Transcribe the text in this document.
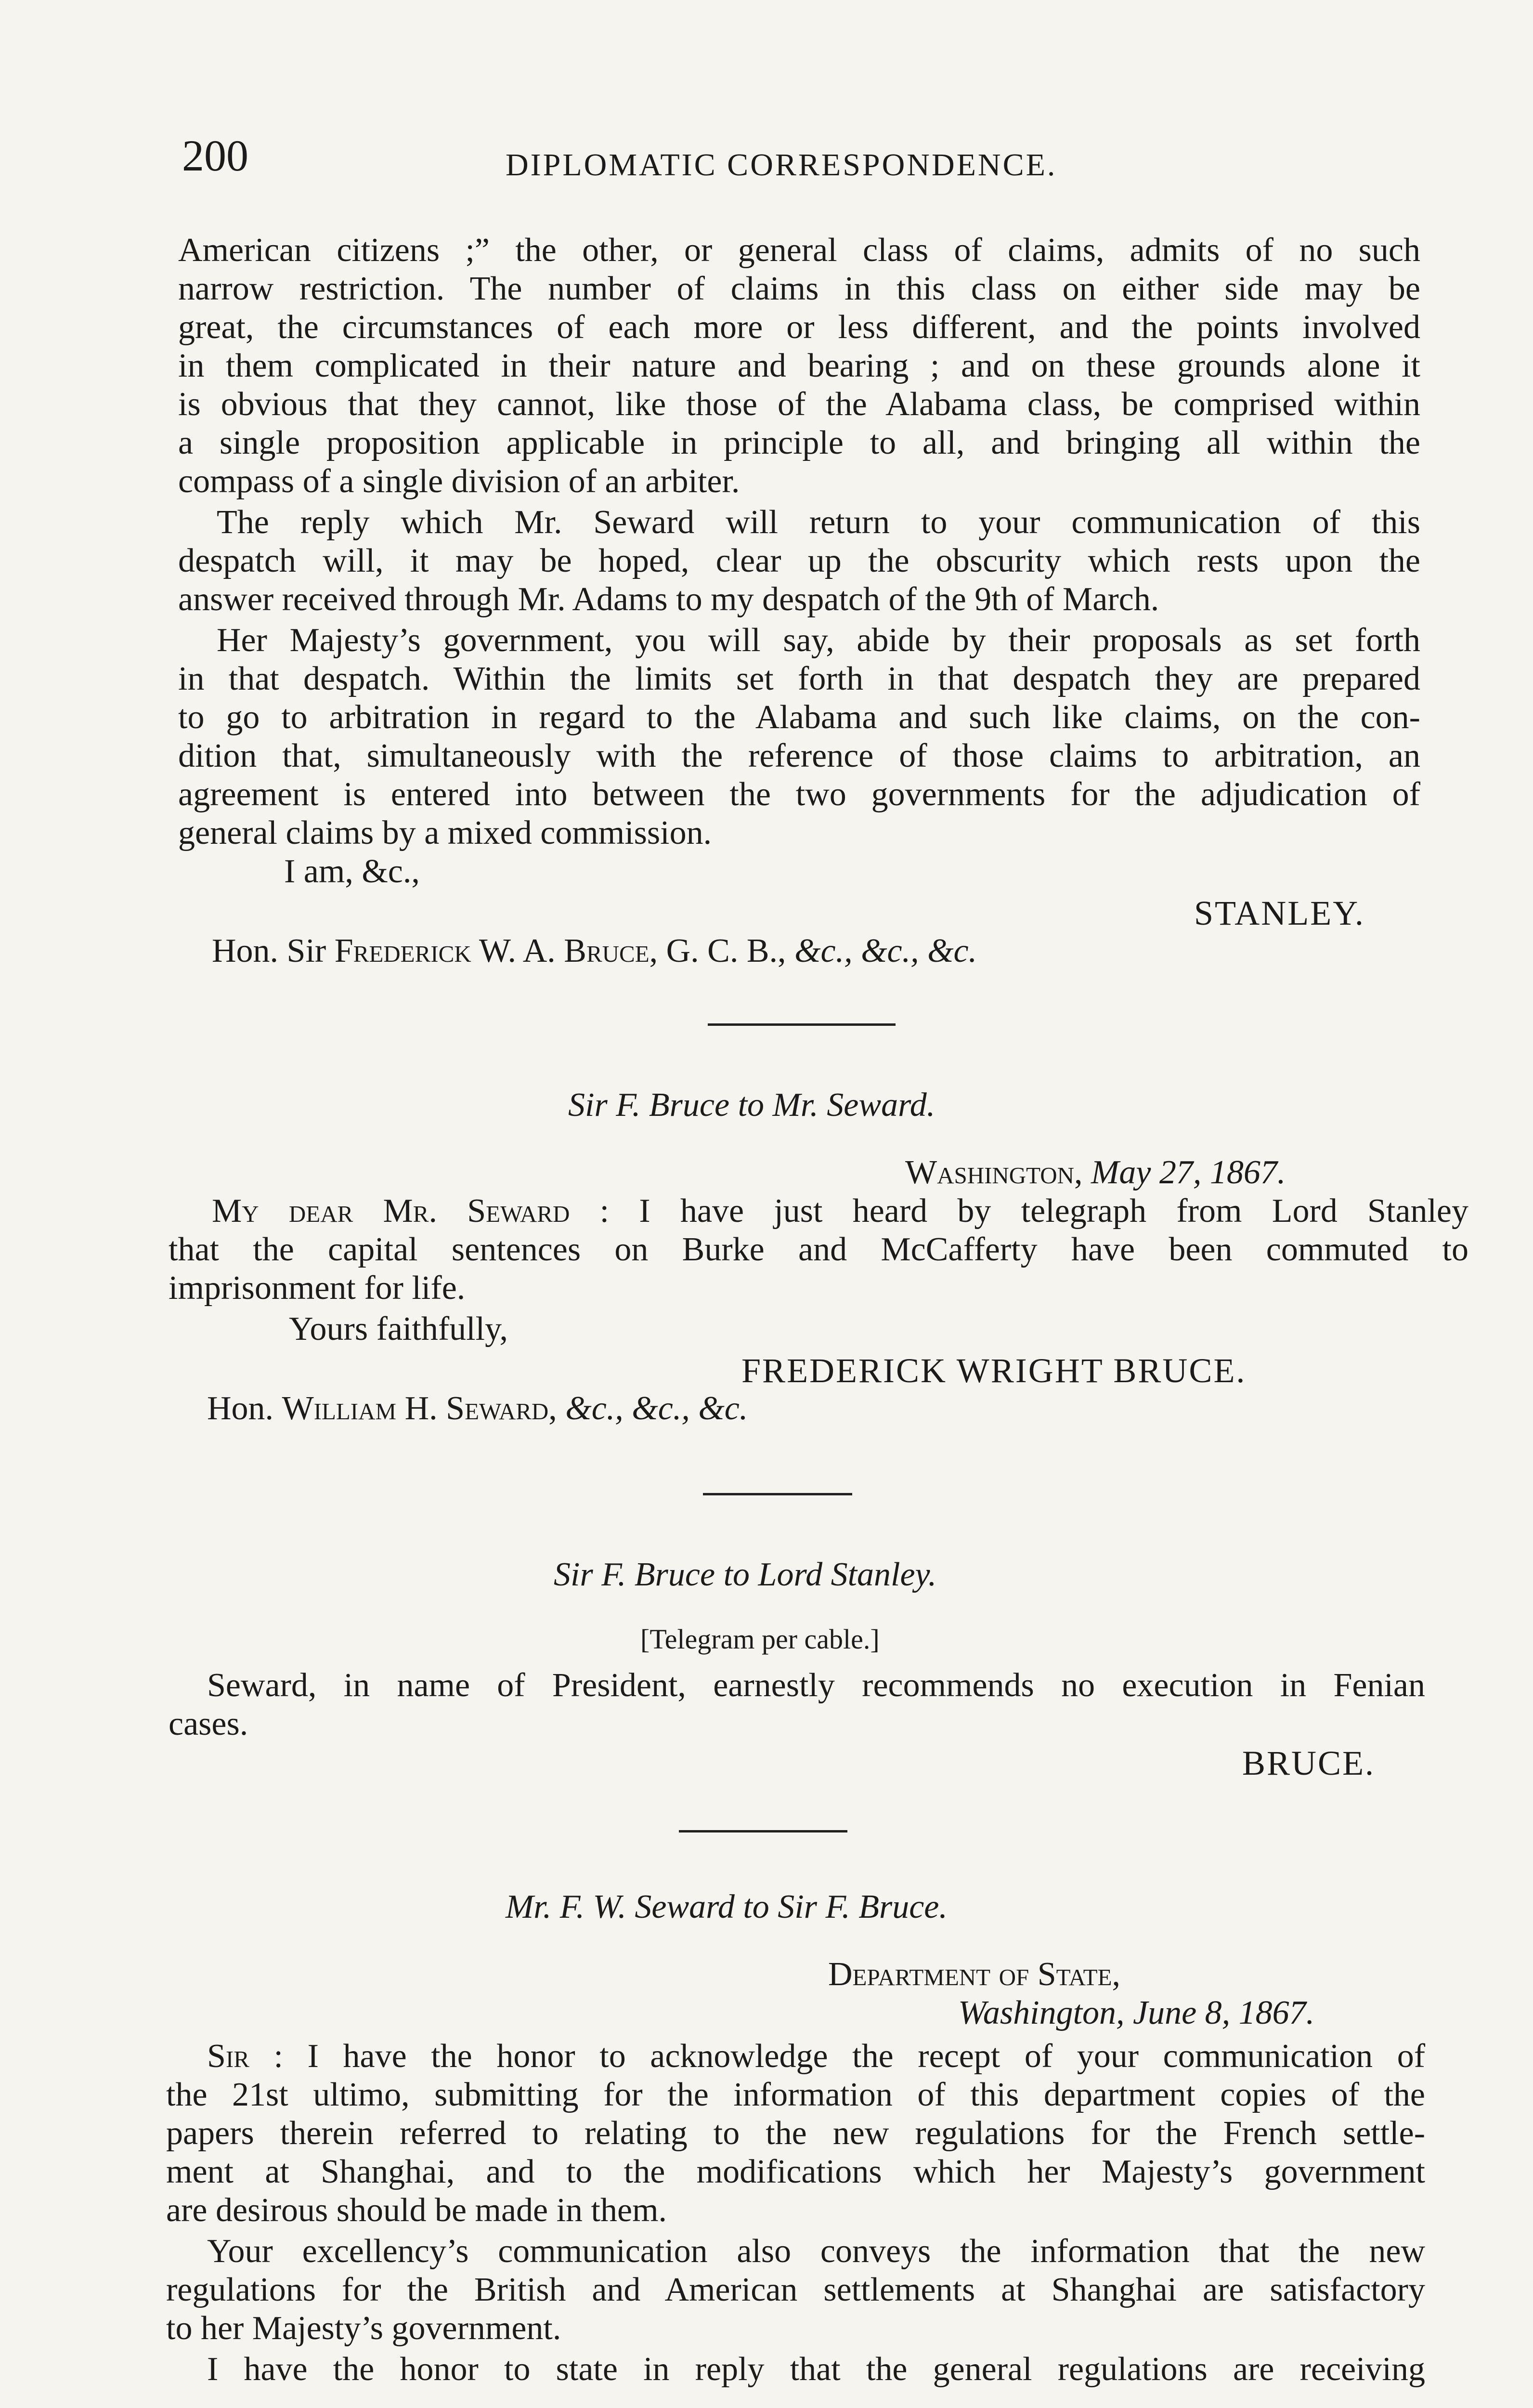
200	DIPLOMATIC CORRESPONDENCE.
American citizens ;” the other, or general class of claims, admits of no such
narrow restriction. The number of claims in this class on either side may be
great, the circumstances of each more or less different, and the points involved
in them complicated in their nature and bearing ; and on these grounds alone it
is obvious that they cannot, like those of the Alabama class, be comprised within
a single proposition applicable in principle to all, and bringing all within the
compass of a single division of an arbiter.
The reply which Mr. Seward will return to your communication of this
despatch will, it may be hoped, clear up the obscurity which rests upon the
answer received through Mr. Adams to my despatch of the 9th of March.
Her Majesty’s government, you will say, abide by their proposals as set forth
in that despatch. Within the limits set forth in that despatch they are prepared
to go to arbitration in regard to the Alabama and such like claims, on the con-
dition that, simultaneously with the reference of those claims to arbitration, an
agreement is entered into between the two governments for the adjudication of
general claims by a mixed commission.
I am, &c.,
STANLEY.
Hon. Sir Frederick W. A. Bruce, G. C. B., &c., &c., &c.
Sir F. Bruce to Mr. Seward.
Washington, May 27, 1867.
My dear Mr. Seward : I have just heard by telegraph from Lord Stanley
that the capital sentences on Burke and McCafferty have been commuted to
imprisonment for life.
Yours faithfully,
FREDERICK WRIGHT BRUCE.
Hon. William H. Seward, &c., &c., &c.
Sir F. Bruce to Lord Stanley.
[Telegram per cable.]
Seward, in name of President, earnestly recommends no execution in Fenian
cases.
BRUCE.
Mr. F. W. Seward to Sir F. Bruce.
Department of State,
Washington, June 8, 1867.
Sir : I have the honor to acknowledge the recept of your communication of
the 21st ultimo, submitting for the information of this department copies of the
papers therein referred to relating to the new regulations for the French settle-
ment at Shanghai, and to the modifications which her Majesty’s government
are desirous should be made in them.
Your excellency’s communication also conveys the information that the new
regulations for the British and American settlements at Shanghai are satisfactory
to her Majesty’s government.
I have the honor to state in reply that the general regulations are receiving
